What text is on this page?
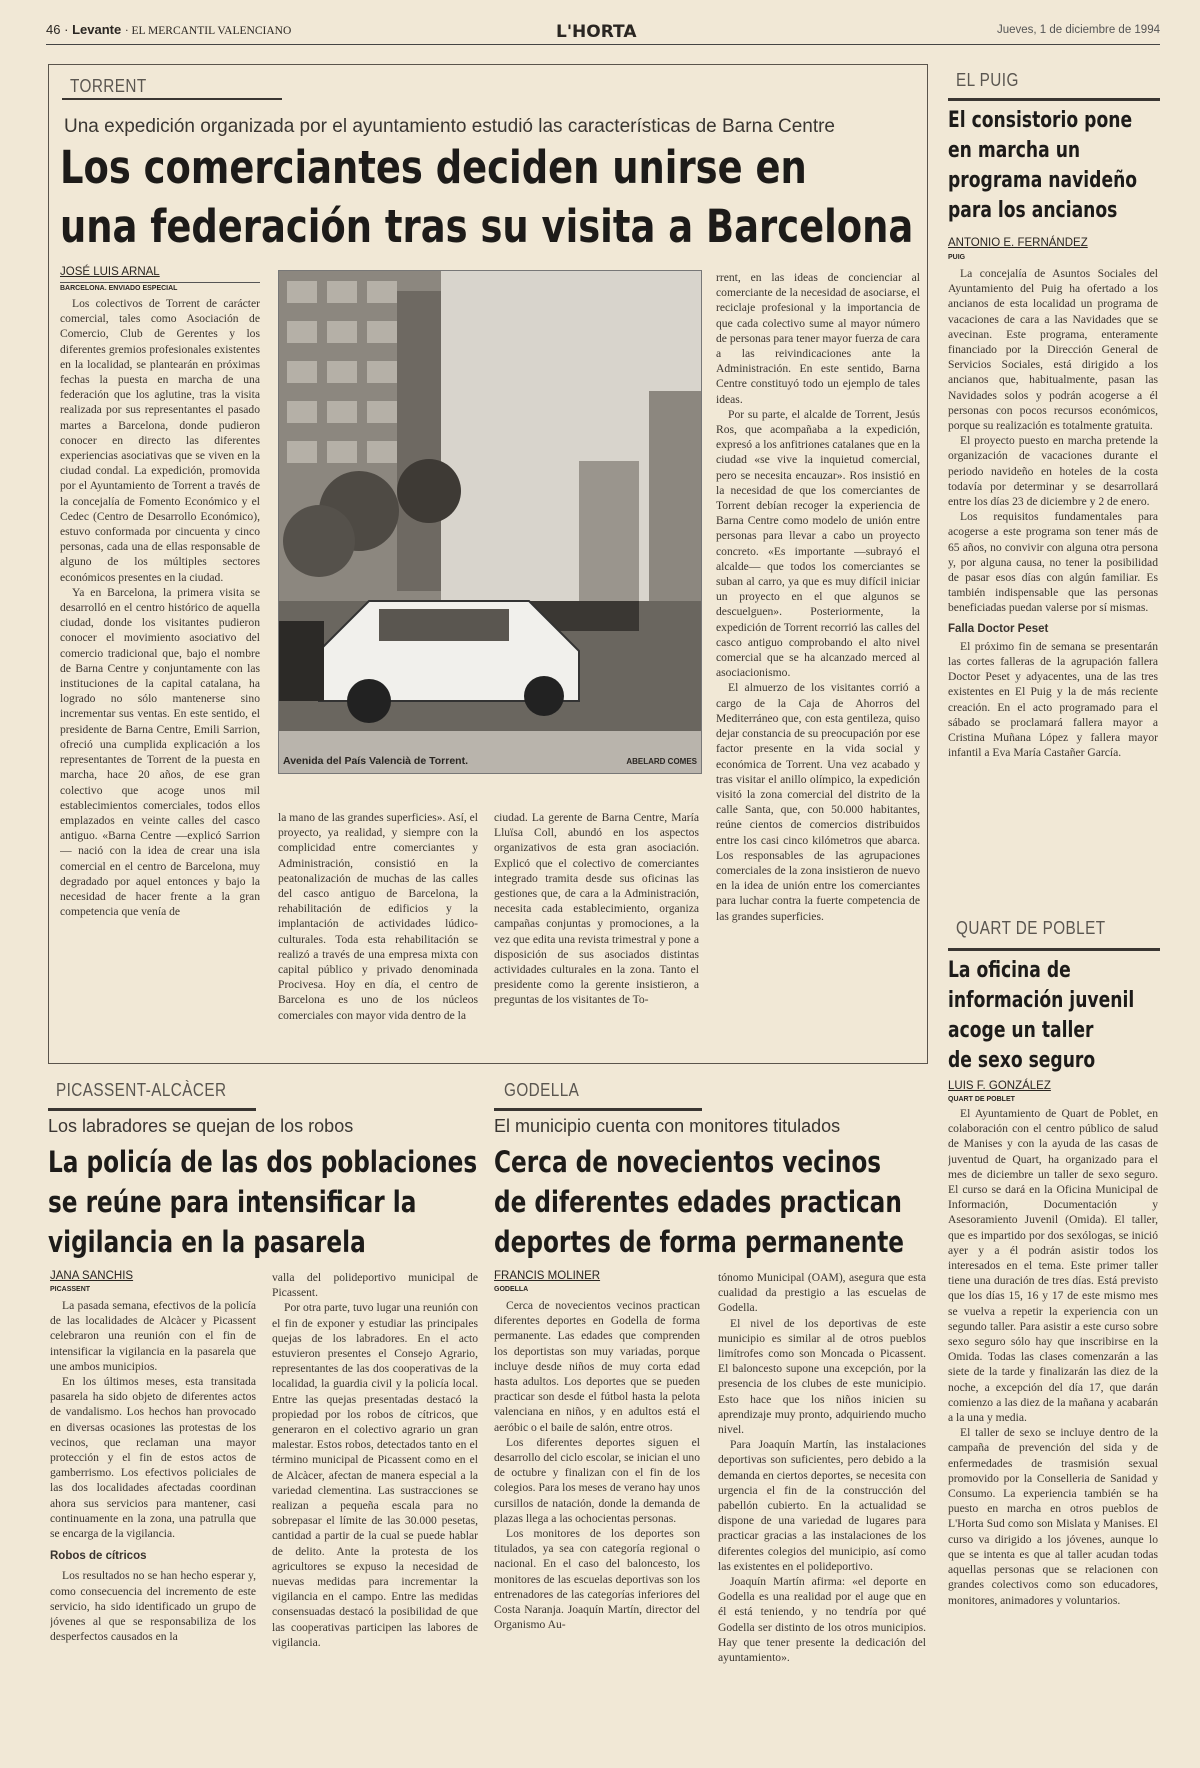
46 · Levante · EL MERCANTIL VALENCIANO	L'HORTA	Jueves, 1 de diciembre de 1994
TORRENT
Una expedición organizada por el ayuntamiento estudió las características de Barna Centre
Los comerciantes deciden unirse en
una federación tras su visita a Barcelona
JOSÉ LUIS ARNAL
BARCELONA. ENVIADO ESPECIAL

Los colectivos de Torrent de carácter comercial, tales como Asociación de Comercio, Club de Gerentes y los diferentes gremios profesionales existentes en la localidad, se plantearán en próximas fechas la puesta en marcha de una federación que los aglutine, tras la visita realizada por sus representantes el pasado martes a Barcelona, donde pudieron conocer en directo las diferentes experiencias asociativas que se viven en la ciudad condal. La expedición, promovida por el Ayuntamiento de Torrent a través de la concejalía de Fomento Económico y el Cedec (Centro de Desarrollo Económico), estuvo conformada por cincuenta y cinco personas, cada una de ellas responsable de alguno de los múltiples sectores económicos presentes en la ciudad.

Ya en Barcelona, la primera visita se desarrolló en el centro histórico de aquella ciudad, donde los visitantes pudieron conocer el movimiento asociativo del comercio tradicional que, bajo el nombre de Barna Centre y conjuntamente con las instituciones de la capital catalana, ha logrado no sólo mantenerse sino incrementar sus ventas. En este sentido, el presidente de Barna Centre, Emili Sarrion, ofreció una cumplida explicación a los representantes de Torrent de la puesta en marcha, hace 20 años, de ese gran colectivo que acoge unos mil establecimientos comerciales, todos ellos emplazados en veinte calles del casco antiguo. «Barna Centre —explicó Sarrion— nació con la idea de crear una isla comercial en el centro de Barcelona, muy degradado por aquel entonces y bajo la necesidad de hacer frente a la gran competencia que venía de

Avenida del País Valencià de Torrent.	ABELARD COMES

la mano de las grandes superficies». Así, el proyecto, ya realidad, y siempre con la complicidad entre comerciantes y Administración, consistió en la peatonalización de muchas de las calles del casco antiguo de Barcelona, la rehabilitación de edificios y la implantación de actividades lúdico-culturales. Toda esta rehabilitación se realizó a través de una empresa mixta con capital público y privado denominada Procivesa. Hoy en día, el centro de Barcelona es uno de los núcleos comerciales con mayor vida dentro de la

ciudad. La gerente de Barna Centre, María Lluïsa Coll, abundó en los aspectos organizativos de esta gran asociación. Explicó que el colectivo de comerciantes integrado tramita desde sus oficinas las gestiones que, de cara a la Administración, necesita cada establecimiento, organiza campañas conjuntas y promociones, a la vez que edita una revista trimestral y pone a disposición de sus asociados distintas actividades culturales en la zona. Tanto el presidente como la gerente insistieron, a preguntas de los visitantes de To-

rrent, en las ideas de concienciar al comerciante de la necesidad de asociarse, el reciclaje profesional y la importancia de que cada colectivo sume al mayor número de personas para tener mayor fuerza de cara a las reivindicaciones ante la Administración. En este sentido, Barna Centre constituyó todo un ejemplo de tales ideas.

Por su parte, el alcalde de Torrent, Jesús Ros, que acompañaba a la expedición, expresó a los anfitriones catalanes que en la ciudad «se vive la inquietud comercial, pero se necesita encauzar». Ros insistió en la necesidad de que los comerciantes de Torrent debían recoger la experiencia de Barna Centre como modelo de unión entre personas para llevar a cabo un proyecto concreto. «Es importante —subrayó el alcalde— que todos los comerciantes se suban al carro, ya que es muy difícil iniciar un proyecto en el que algunos se descuelguen». Posteriormente, la expedición de Torrent recorrió las calles del casco antiguo comprobando el alto nivel comercial que se ha alcanzado merced al asociacionismo.

El almuerzo de los visitantes corrió a cargo de la Caja de Ahorros del Mediterráneo que, con esta gentileza, quiso dejar constancia de su preocupación por ese factor presente en la vida social y económica de Torrent. Una vez acabado y tras visitar el anillo olímpico, la expedición visitó la zona comercial del distrito de la calle Santa, que, con 50.000 habitantes, reúne cientos de comercios distribuidos entre los casi cinco kilómetros que abarca. Los responsables de las agrupaciones comerciales de la zona insistieron de nuevo en la idea de unión entre los comerciantes para luchar contra la fuerte competencia de las grandes superficies.

EL PUIG
El consistorio pone
en marcha un
programa navideño
para los ancianos
ANTONIO E. FERNÁNDEZ
PUIG

La concejalía de Asuntos Sociales del Ayuntamiento del Puig ha ofertado a los ancianos de esta localidad un programa de vacaciones de cara a las Navidades que se avecinan. Este programa, enteramente financiado por la Dirección General de Servicios Sociales, está dirigido a los ancianos que, habitualmente, pasan las Navidades solos y podrán acogerse a él personas con pocos recursos económicos, porque su realización es totalmente gratuita.

El proyecto puesto en marcha pretende la organización de vacaciones durante el periodo navideño en hoteles de la costa todavía por determinar y se desarrollará entre los días 23 de diciembre y 2 de enero.

Los requisitos fundamentales para acogerse a este programa son tener más de 65 años, no convivir con alguna otra persona y, por alguna causa, no tener la posibilidad de pasar esos días con algún familiar. Es también indispensable que las personas beneficiadas puedan valerse por sí mismas.

Falla Doctor Peset

El próximo fin de semana se presentarán las cortes falleras de la agrupación fallera Doctor Peset y adyacentes, una de las tres existentes en El Puig y la de más reciente creación. En el acto programado para el sábado se proclamará fallera mayor a Cristina Muñana López y fallera mayor infantil a Eva María Castañer García.

QUART DE POBLET
La oficina de
información juvenil
acoge un taller
de sexo seguro
LUIS F. GONZÁLEZ
QUART DE POBLET

El Ayuntamiento de Quart de Poblet, en colaboración con el centro público de salud de Manises y con la ayuda de las casas de juventud de Quart, ha organizado para el mes de diciembre un taller de sexo seguro. El curso se dará en la Oficina Municipal de Información, Documentación y Asesoramiento Juvenil (Omida). El taller, que es impartido por dos sexólogas, se inició ayer y a él podrán asistir todos los interesados en el tema. Este primer taller tiene una duración de tres días. Está previsto que los días 15, 16 y 17 de este mismo mes se vuelva a repetir la experiencia con un segundo taller. Para asistir a este curso sobre sexo seguro sólo hay que inscribirse en la Omida. Todas las clases comenzarán a las siete de la tarde y finalizarán las diez de la noche, a excepción del día 17, que darán comienzo a las diez de la mañana y acabarán a la una y media.

El taller de sexo se incluye dentro de la campaña de prevención del sida y de enfermedades de trasmisión sexual promovido por la Conselleria de Sanidad y Consumo. La experiencia también se ha puesto en marcha en otros pueblos de L'Horta Sud como son Mislata y Manises. El curso va dirigido a los jóvenes, aunque lo que se intenta es que al taller acudan todas aquellas personas que se relacionen con grandes colectivos como son educadores, monitores, animadores y voluntarios.

PICASSENT-ALCÀCER
Los labradores se quejan de los robos
La policía de las dos poblaciones
se reúne para intensificar la
vigilancia en la pasarela
JANA SANCHIS
PICASSENT

La pasada semana, efectivos de la policía de las localidades de Alcàcer y Picassent celebraron una reunión con el fin de intensificar la vigilancia en la pasarela que une ambos municipios.

En los últimos meses, esta transitada pasarela ha sido objeto de diferentes actos de vandalismo. Los hechos han provocado en diversas ocasiones las protestas de los vecinos, que reclaman una mayor protección y el fin de estos actos de gamberrismo. Los efectivos policiales de las dos localidades afectadas coordinan ahora sus servicios para mantener, casi continuamente en la zona, una patrulla que se encarga de la vigilancia.

Robos de cítricos

Los resultados no se han hecho esperar y, como consecuencia del incremento de este servicio, ha sido identificado un grupo de jóvenes al que se responsabiliza de los desperfectos causados en la

valla del polideportivo municipal de Picassent.

Por otra parte, tuvo lugar una reunión con el fin de exponer y estudiar las principales quejas de los labradores. En el acto estuvieron presentes el Consejo Agrario, representantes de las dos cooperativas de la localidad, la guardia civil y la policía local. Entre las quejas presentadas destacó la propiedad por los robos de cítricos, que generaron en el colectivo agrario un gran malestar. Estos robos, detectados tanto en el término municipal de Picassent como en el de Alcàcer, afectan de manera especial a la variedad clementina. Las sustracciones se realizan a pequeña escala para no sobrepasar el límite de las 30.000 pesetas, cantidad a partir de la cual se puede hablar de delito. Ante la protesta de los agricultores se expuso la necesidad de nuevas medidas para incrementar la vigilancia en el campo. Entre las medidas consensuadas destacó la posibilidad de que las cooperativas participen las labores de vigilancia.

GODELLA
El municipio cuenta con monitores titulados
Cerca de novecientos vecinos
de diferentes edades practican
deportes de forma permanente
FRANCIS MOLINER
GODELLA

Cerca de novecientos vecinos practican diferentes deportes en Godella de forma permanente. Las edades que comprenden los deportistas son muy variadas, porque incluye desde niños de muy corta edad hasta adultos. Los deportes que se pueden practicar son desde el fútbol hasta la pelota valenciana en niños, y en adultos está el aeróbic o el baile de salón, entre otros.

Los diferentes deportes siguen el desarrollo del ciclo escolar, se inician el uno de octubre y finalizan con el fin de los colegios. Para los meses de verano hay unos cursillos de natación, donde la demanda de plazas llega a las ochocientas personas.

Los monitores de los deportes son titulados, ya sea con categoría regional o nacional. En el caso del baloncesto, los monitores de las escuelas deportivas son los entrenadores de las categorías inferiores del Costa Naranja. Joaquín Martín, director del Organismo Au-

tónomo Municipal (OAM), asegura que esta cualidad da prestigio a las escuelas de Godella.

El nivel de los deportivas de este municipio es similar al de otros pueblos limítrofes como son Moncada o Picassent. El baloncesto supone una excepción, por la presencia de los clubes de este municipio. Esto hace que los niños inicien su aprendizaje muy pronto, adquiriendo mucho nivel.

Para Joaquín Martín, las instalaciones deportivas son suficientes, pero debido a la demanda en ciertos deportes, se necesita con urgencia el fin de la construcción del pabellón cubierto. En la actualidad se dispone de una variedad de lugares para practicar gracias a las instalaciones de los diferentes colegios del municipio, así como las existentes en el polideportivo.

Joaquín Martín afirma: «el deporte en Godella es una realidad por el auge que en él está teniendo, y no tendría por qué Godella ser distinto de los otros municipios. Hay que tener presente la dedicación del ayuntamiento».
